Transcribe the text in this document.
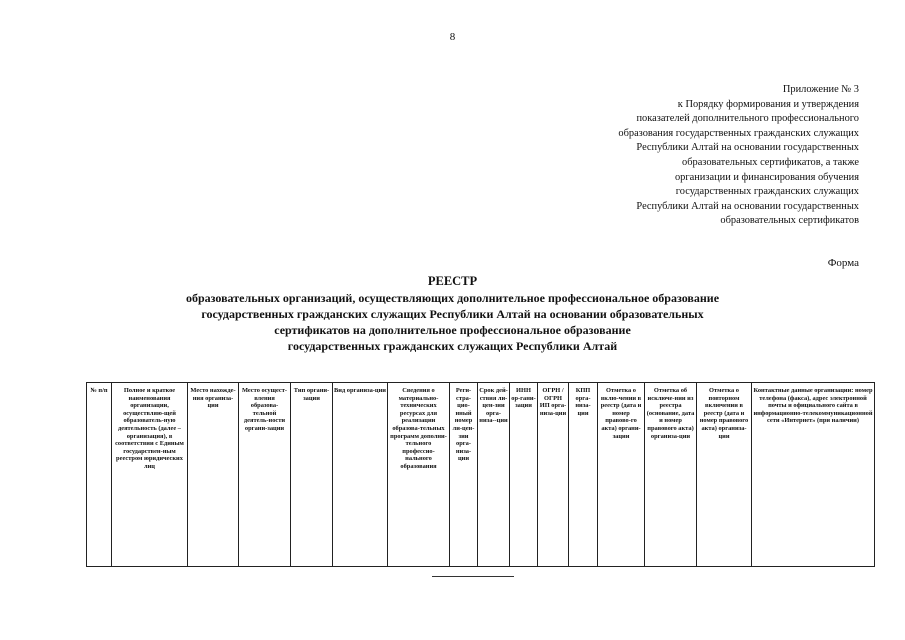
8
Приложение № 3
к Порядку формирования и утверждения
показателей дополнительного профессионального
образования государственных гражданских служащих
Республики Алтай на основании государственных
образовательных сертификатов, а также
организации и финансирования обучения
государственных гражданских служащих
Республики Алтай на основании государственных
образовательных сертификатов
Форма
РЕЕСТР
образовательных организаций, осуществляющих дополнительное профессиональное образование
государственных гражданских служащих Республики Алтай на основании образовательных
сертификатов на дополнительное профессиональное образование
государственных гражданских служащих Республики Алтай
№ п/п	Полное и краткое наименования организации, осуществляю-щей образователь-ную деятельность (далее – организация), в соответствии с Единым государствен-ным реестром юридических лиц	Место нахожде-ния организа-ции	Место осущест-вления образова-тельной деятель-ности органи-зации	Тип органи-зации	Вид организа-ции	Сведения о материально-технических ресурсах для реализации образова-тельных программ дополни-тельного профессио-нального образования	Реги-стра-цио-нный номер ли-цен-зии орга-низа-ции	Срок дей-ствия ли-цен-зии орга-низа--ции	ИНН ор-гани-зации	ОГРН / ОГРН ИП орга-низа-ции	КПП орга-низа-ции	Отметка о вклю-чении в реестр (дата и номер правово-го акта) органи-зации	Отметка об исключе-нии из реестра (основание, дата и номер правового акта) организа-ции	Отметка о повторном включении в реестр (дата и номер правового акта) организа-ции	Контактные данные организации: номер телефона (факса), адрес электронной почты и официального сайта в информационно-телекоммуникационной сети «Интернет» (при наличии)
